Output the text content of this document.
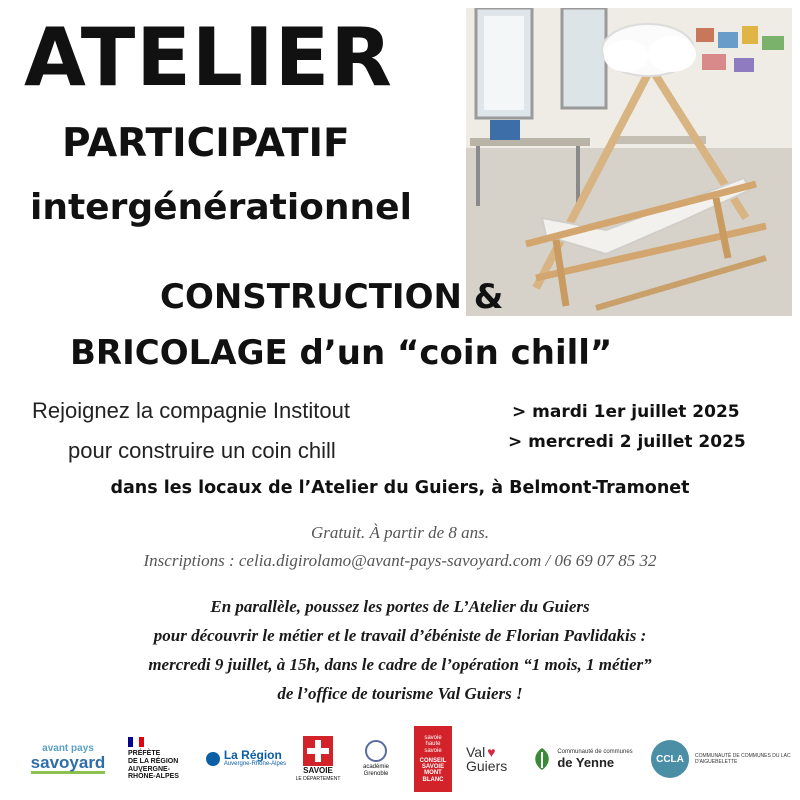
ATELIER
PARTICIPATIF
intergénérationnel
CONSTRUCTION &
BRICOLAGE d’un “coin chill”
Rejoignez la compagnie Institout
pour construire un coin chill
> mardi 1er juillet 2025
> mercredi 2 juillet 2025
dans les locaux de l’Atelier du Guiers, à Belmont-Tramonet
Gratuit. À partir de 8 ans.
Inscriptions : celia.digirolamo@avant-pays-savoyard.com / 06 69 07 85 32
En parallèle, poussez les portes de L’Atelier du Guiers
pour découvrir le métier et le travail d’ébéniste de Florian Pavlidakis :
mercredi 9 juillet, à 15h, dans le cadre de l’opération “1 mois, 1 métier”
de l’office de tourisme Val Guiers !
avant pays
savoyard	PRÉFÈTE
DE LA RÉGION
AUVERGNE-
RHÔNE-ALPES
La Région
Auvergne-Rhône-Alpes
SAVOIE
LE DÉPARTEMENT
académie
Grenoble
savoie
haute
savoie
CONSEIL
SAVOIE
MONT
BLANC
Val ♥
Guiers
Communauté de communes
de Yenne	CCLA COMMUNAUTÉ DE COMMUNES DU LAC D'AIGUEBELETTE
